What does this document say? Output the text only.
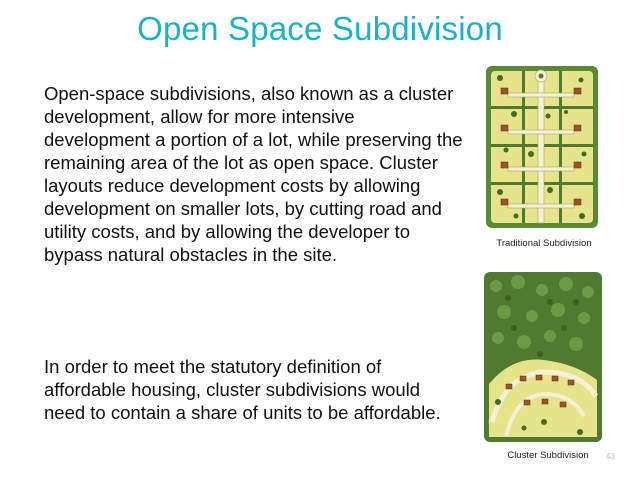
Open Space Subdivision
Open-space subdivisions, also known as a cluster development, allow for more intensive development a portion of a lot, while preserving the remaining area of the lot as open space. Cluster layouts reduce development costs by allowing development on smaller lots, by cutting road and utility costs, and by allowing the developer to bypass natural obstacles in the site.
In order to meet the statutory definition of affordable housing, cluster subdivisions would need to contain a share of units to be affordable.
Traditional Subdivision
Cluster Subdivision	43
